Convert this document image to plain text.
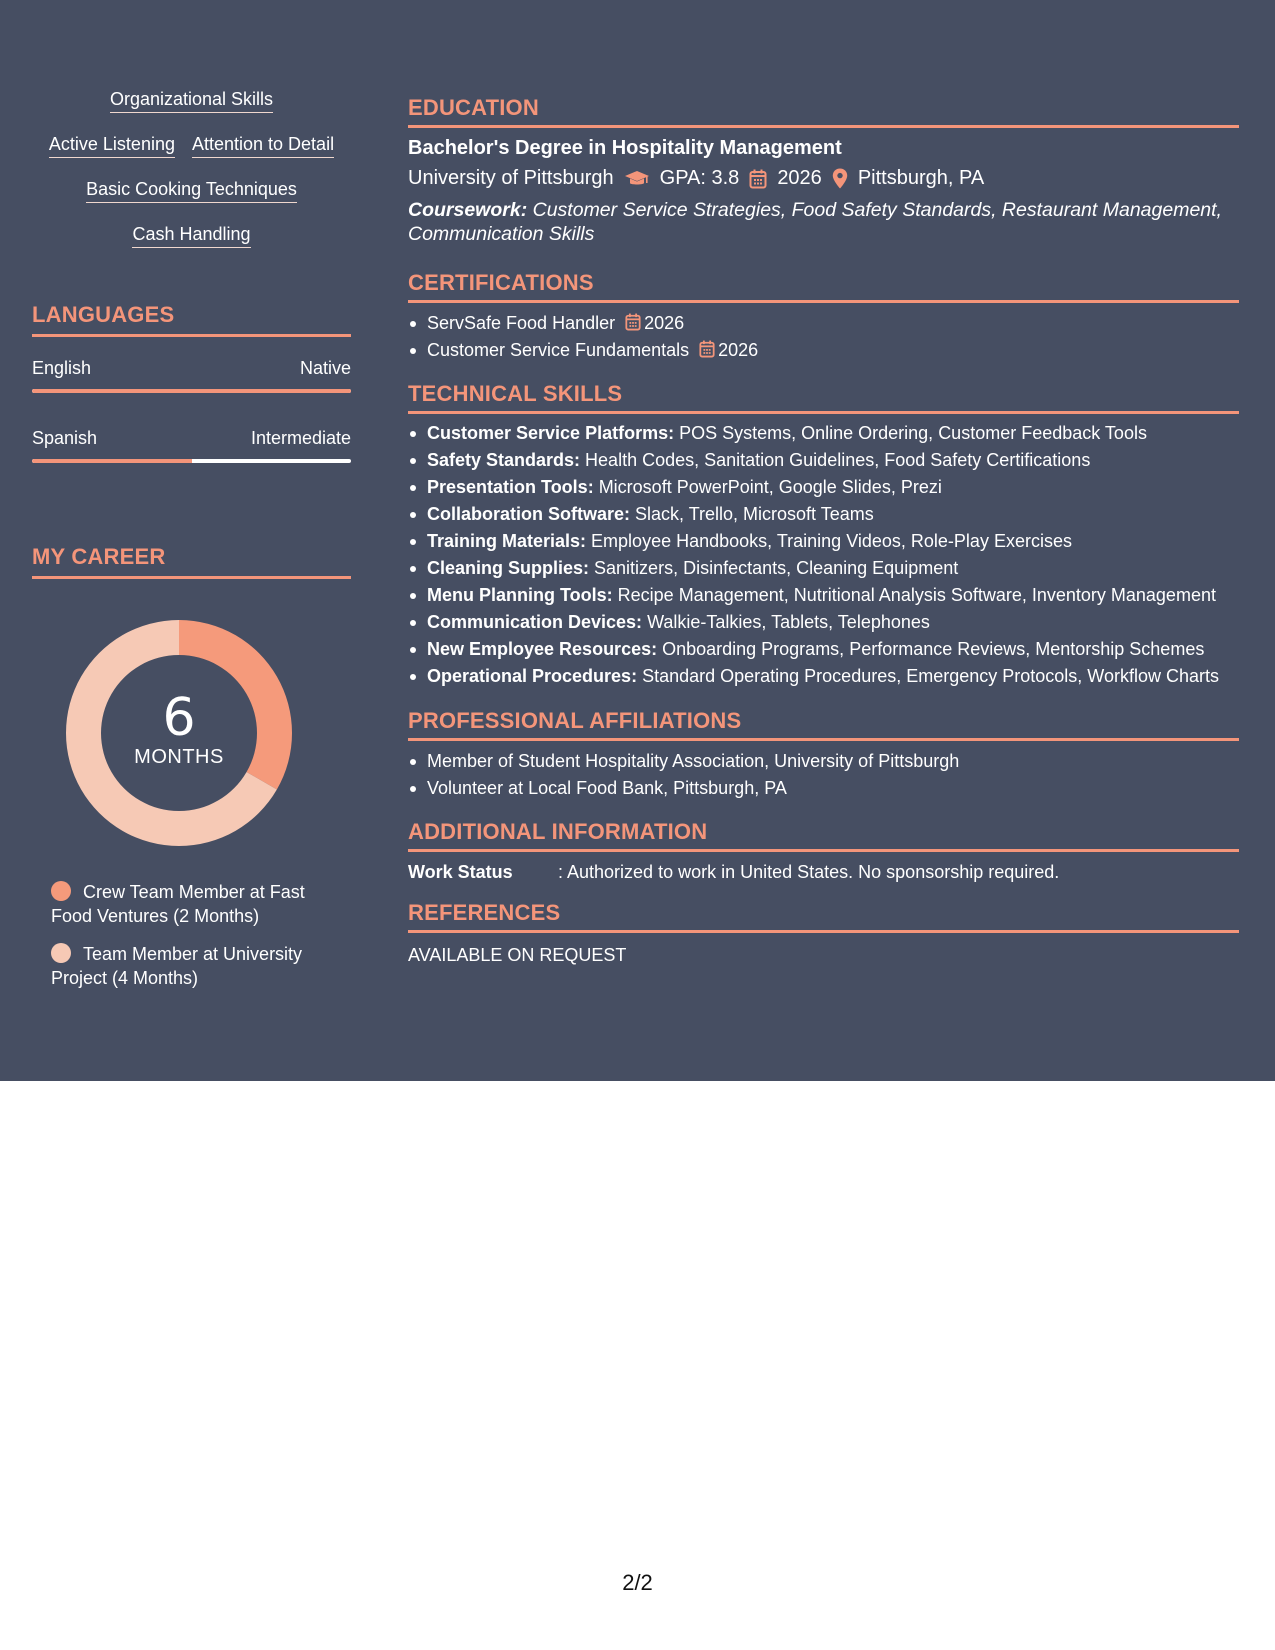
Organizational Skills
Active Listening Attention to Detail
Basic Cooking Techniques
Cash Handling
LANGUAGES
English	Native
Spanish	Intermediate
MY CAREER
6
MONTHS
Crew Team Member at Fast Food Ventures (2 Months)
Team Member at University Project (4 Months)
EDUCATION
Bachelor's Degree in Hospitality Management
University of Pittsburgh GPA: 3.8 2026 Pittsburgh, PA
Coursework: Customer Service Strategies, Food Safety Standards, Restaurant Management, Communication Skills
CERTIFICATIONS
ServSafe Food Handler 2026
Customer Service Fundamentals 2026
TECHNICAL SKILLS
Customer Service Platforms: POS Systems, Online Ordering, Customer Feedback Tools
Safety Standards: Health Codes, Sanitation Guidelines, Food Safety Certifications
Presentation Tools: Microsoft PowerPoint, Google Slides, Prezi
Collaboration Software: Slack, Trello, Microsoft Teams
Training Materials: Employee Handbooks, Training Videos, Role-Play Exercises
Cleaning Supplies: Sanitizers, Disinfectants, Cleaning Equipment
Menu Planning Tools: Recipe Management, Nutritional Analysis Software, Inventory Management
Communication Devices: Walkie-Talkies, Tablets, Telephones
New Employee Resources: Onboarding Programs, Performance Reviews, Mentorship Schemes
Operational Procedures: Standard Operating Procedures, Emergency Protocols, Workflow Charts
PROFESSIONAL AFFILIATIONS
Member of Student Hospitality Association, University of Pittsburgh
Volunteer at Local Food Bank, Pittsburgh, PA
ADDITIONAL INFORMATION
Work Status	: Authorized to work in United States. No sponsorship required.
REFERENCES
AVAILABLE ON REQUEST
2/2
